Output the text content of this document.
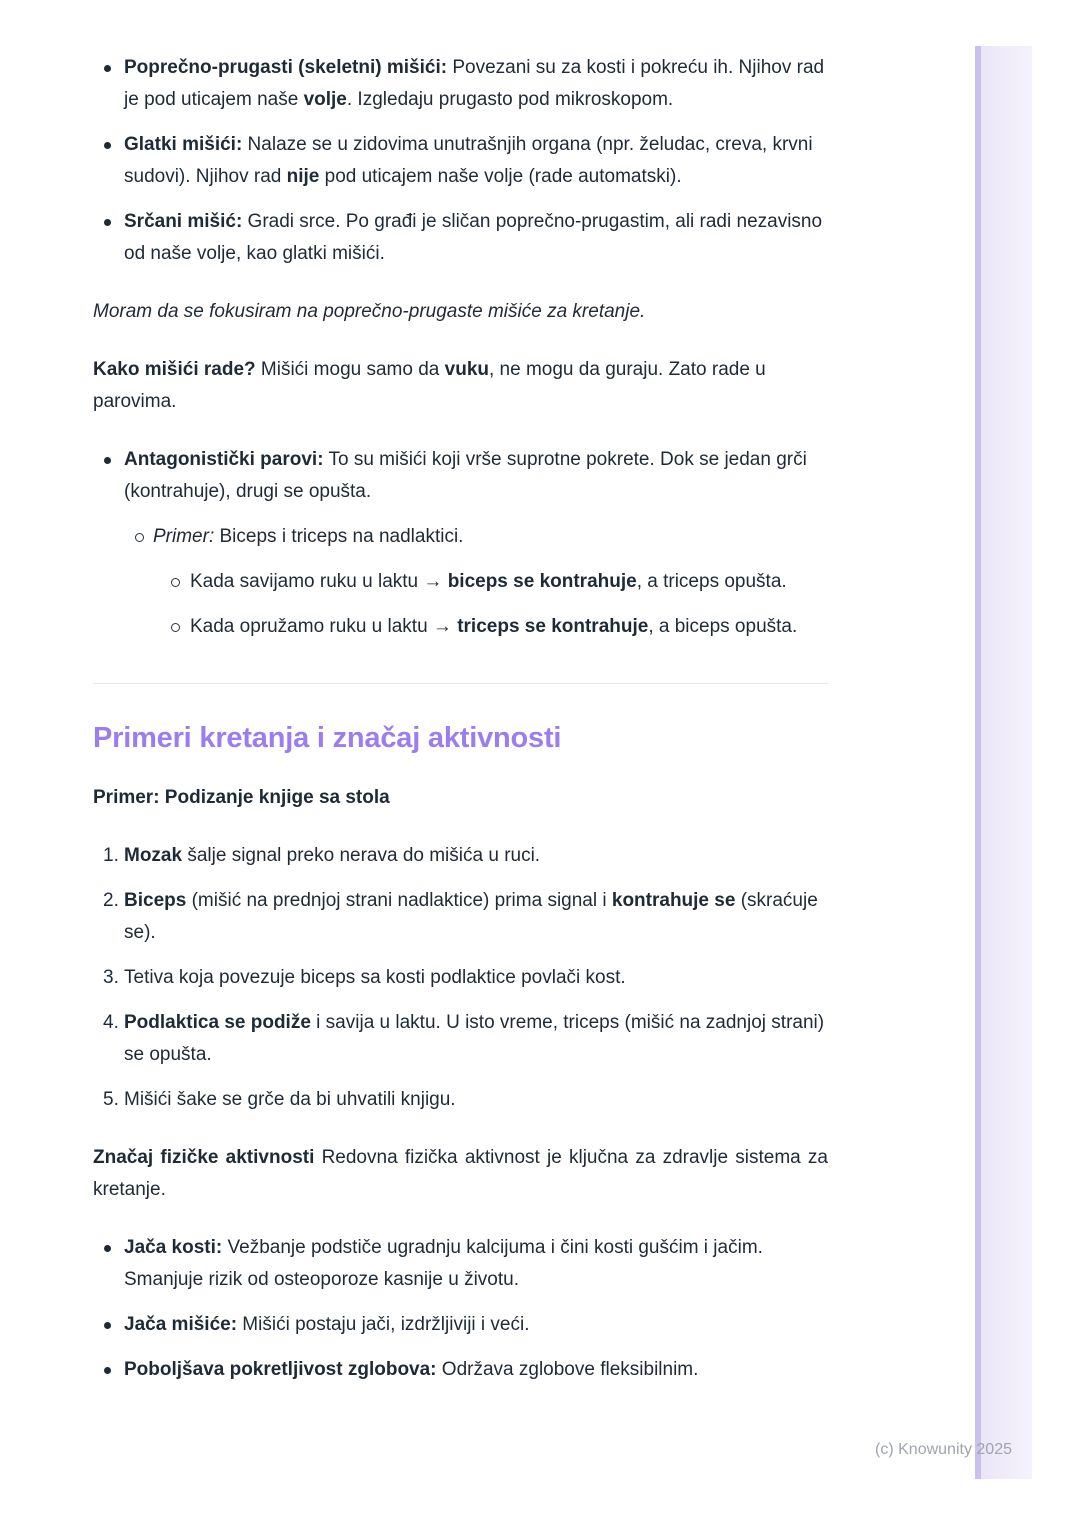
Poprečno-prugasti (skeletni) mišići: Povezani su za kosti i pokreću ih. Njihov rad je pod uticajem naše volje. Izgledaju prugasto pod mikroskopom.
Glatki mišići: Nalaze se u zidovima unutrašnjih organa (npr. želudac, creva, krvni sudovi). Njihov rad nije pod uticajem naše volje (rade automatski).
Srčani mišić: Gradi srce. Po građi je sličan poprečno-prugastim, ali radi nezavisno od naše volje, kao glatki mišići.

Moram da se fokusiram na poprečno-prugaste mišiće za kretanje.

Kako mišići rade? Mišići mogu samo da vuku, ne mogu da guraju. Zato rade u parovima.

Antagonistički parovi: To su mišići koji vrše suprotne pokrete. Dok se jedan grči (kontrahuje), drugi se opušta.
Primer: Biceps i triceps na nadlaktici.
Kada savijamo ruku u laktu → biceps se kontrahuje, a triceps opušta.
Kada opružamo ruku u laktu → triceps se kontrahuje, a biceps opušta.
Primeri kretanja i značaj aktivnosti

Primer: Podizanje knjige sa stola

1. Mozak šalje signal preko nerava do mišića u ruci.
2. Biceps (mišić na prednjoj strani nadlaktice) prima signal i kontrahuje se (skraćuje se).
3. Tetiva koja povezuje biceps sa kosti podlaktice povlači kost.
4. Podlaktica se podiže i savija u laktu. U isto vreme, triceps (mišić na zadnjoj strani) se opušta.
5. Mišići šake se grče da bi uhvatili knjigu.

Značaj fizičke aktivnosti Redovna fizička aktivnost je ključna za zdravlje sistema za kretanje.

Jača kosti: Vežbanje podstiče ugradnju kalcijuma i čini kosti gušćim i jačim. Smanjuje rizik od osteoporoze kasnije u životu.
Jača mišiće: Mišići postaju jači, izdržljiviji i veći.
Poboljšava pokretljivost zglobova: Održava zglobove fleksibilnim.
(c) Knowunity 2025
